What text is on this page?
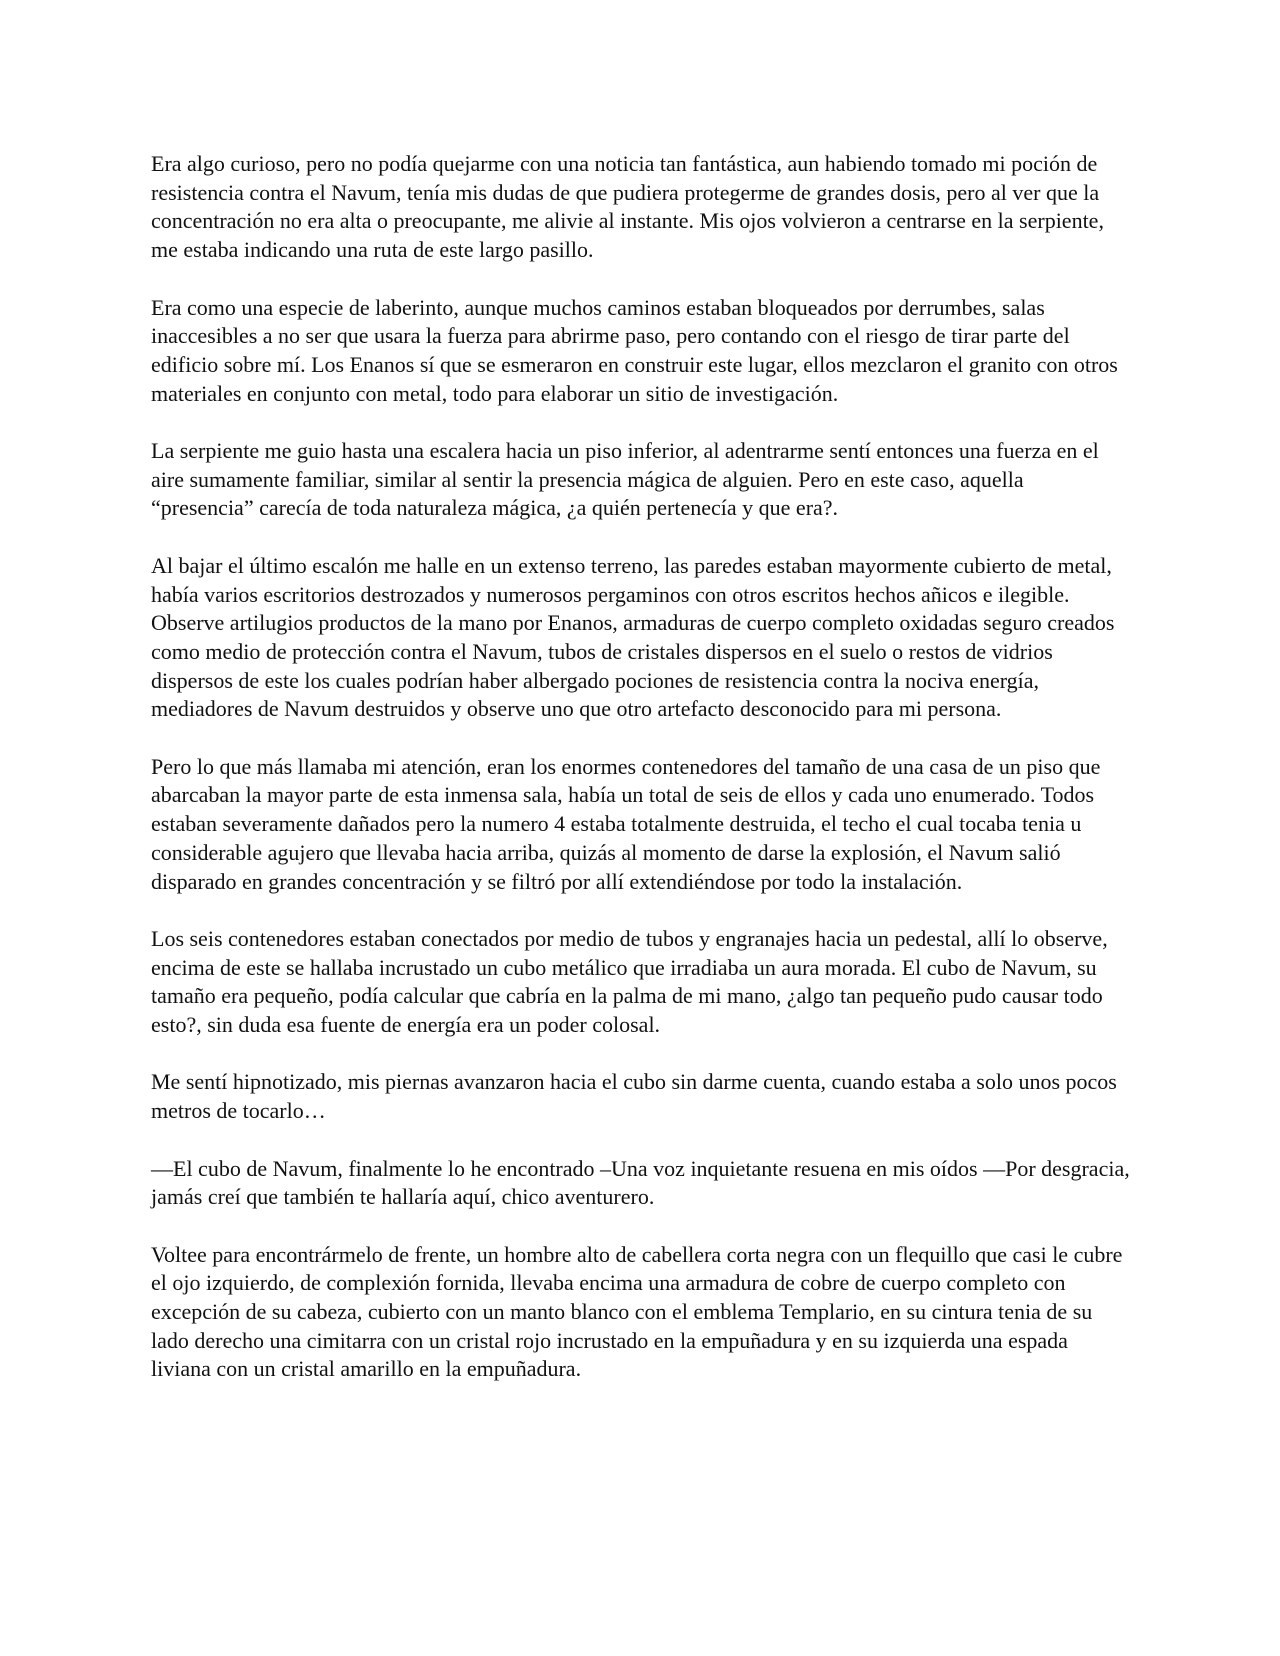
Era algo curioso, pero no podía quejarme con una noticia tan fantástica, aun habiendo tomado mi poción de resistencia contra el Navum, tenía mis dudas de que pudiera protegerme de grandes dosis, pero al ver que la concentración no era alta o preocupante, me alivie al instante. Mis ojos volvieron a centrarse en la serpiente, me estaba indicando una ruta de este largo pasillo.

Era como una especie de laberinto, aunque muchos caminos estaban bloqueados por derrumbes, salas inaccesibles a no ser que usara la fuerza para abrirme paso, pero contando con el riesgo de tirar parte del edificio sobre mí. Los Enanos sí que se esmeraron en construir este lugar, ellos mezclaron el granito con otros materiales en conjunto con metal, todo para elaborar un sitio de investigación.

La serpiente me guio hasta una escalera hacia un piso inferior, al adentrarme sentí entonces una fuerza en el aire sumamente familiar, similar al sentir la presencia mágica de alguien. Pero en este caso, aquella “presencia” carecía de toda naturaleza mágica, ¿a quién pertenecía y que era?.

Al bajar el último escalón me halle en un extenso terreno, las paredes estaban mayormente cubierto de metal, había varios escritorios destrozados y numerosos pergaminos con otros escritos hechos añicos e ilegible. Observe artilugios productos de la mano por Enanos, armaduras de cuerpo completo oxidadas seguro creados como medio de protección contra el Navum, tubos de cristales dispersos en el suelo o restos de vidrios dispersos de este los cuales podrían haber albergado pociones de resistencia contra la nociva energía, mediadores de Navum destruidos y observe uno que otro artefacto desconocido para mi persona.

Pero lo que más llamaba mi atención, eran los enormes contenedores del tamaño de una casa de un piso que abarcaban la mayor parte de esta inmensa sala, había un total de seis de ellos y cada uno enumerado. Todos estaban severamente dañados pero la numero 4 estaba totalmente destruida, el techo el cual tocaba tenia u considerable agujero que llevaba hacia arriba, quizás al momento de darse la explosión, el Navum salió disparado en grandes concentración y se filtró por allí extendiéndose por todo la instalación.

Los seis contenedores estaban conectados por medio de tubos y engranajes hacia un pedestal, allí lo observe, encima de este se hallaba incrustado un cubo metálico que irradiaba un aura morada. El cubo de Navum, su tamaño era pequeño, podía calcular que cabría en la palma de mi mano, ¿algo tan pequeño pudo causar todo esto?, sin duda esa fuente de energía era un poder colosal.

Me sentí hipnotizado, mis piernas avanzaron hacia el cubo sin darme cuenta, cuando estaba a solo unos pocos metros de tocarlo…

—El cubo de Navum, finalmente lo he encontrado –Una voz inquietante resuena en mis oídos —Por desgracia, jamás creí que también te hallaría aquí, chico aventurero.

Voltee para encontrármelo de frente, un hombre alto de cabellera corta negra con un flequillo que casi le cubre el ojo izquierdo, de complexión fornida, llevaba encima una armadura de cobre de cuerpo completo con excepción de su cabeza, cubierto con un manto blanco con el emblema Templario, en su cintura tenia de su lado derecho una cimitarra con un cristal rojo incrustado en la empuñadura y en su izquierda una espada liviana con un cristal amarillo en la empuñadura.
